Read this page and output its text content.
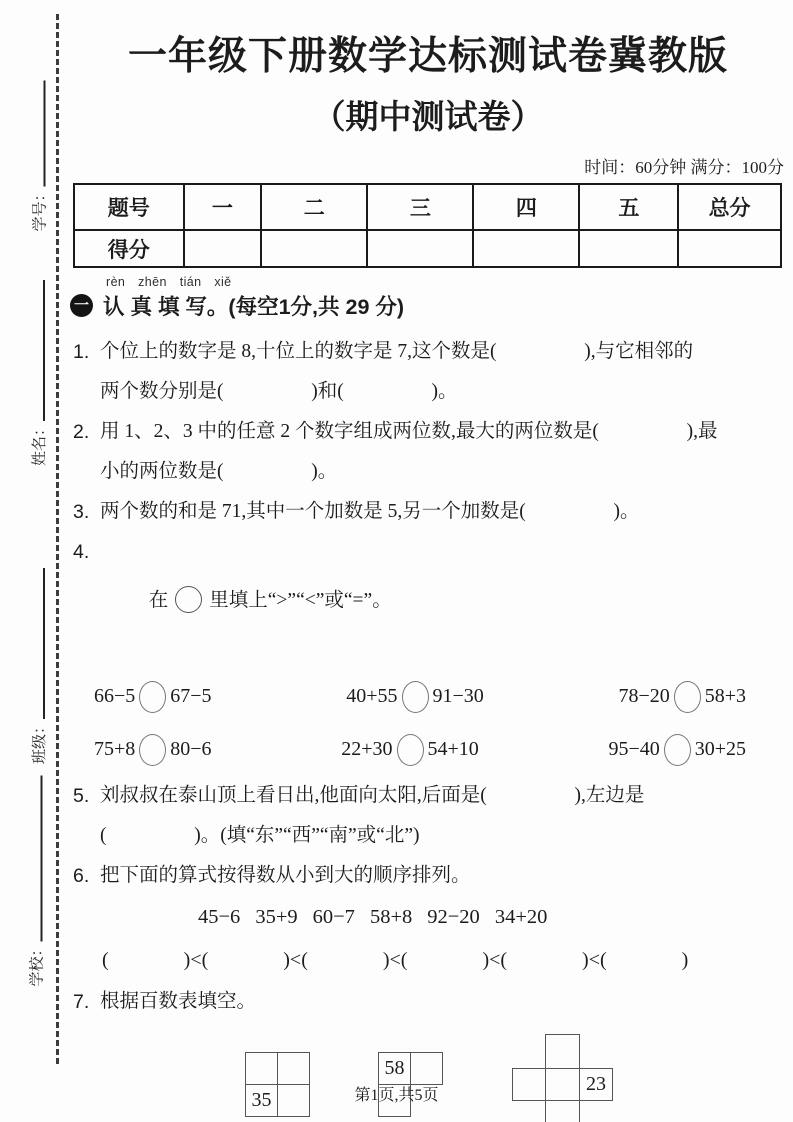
学号：
姓名：
班级：
学校：
一年级下册数学达标测试卷冀教版
（期中测试卷）
时间：60分钟 满分：100分
题号	一	二	三	四	五	总分
得分						
rèn zhēn tián xiě
一 认 真 填 写。 (每空1分,共 29 分)
1. 个位上的数字是 8,十位上的数字是 7,这个数是(                  ),与它相邻的
两个数分别是(                  )和(                  )。
2. 用 1、2、3 中的任意 2 个数字组成两位数,最大的两位数是(                  ),最
小的两位数是(                  )。
3. 两个数的和是 71,其中一个加数是 5,另一个加数是(                  )。
4.

在 里填上“>”“<”或“=”。

66−5 67−5	40+55 91−30	78−20 58+3
75+8 80−6	22+30 54+10	95−40 30+25
5. 刘叔叔在泰山顶上看日出,他面向太阳,后面是(                  ),左边是
(                  )。(填“东”“西”“南”或“北”)
6. 把下面的算式按得数从小到大的顺序排列。
45−6 35+9 60−7 58+8 92−20 34+20
(               )<(               )<(               )<(               )<(               )<(               )
7. 根据百数表填空。
35
58
23
第1页,共5页
